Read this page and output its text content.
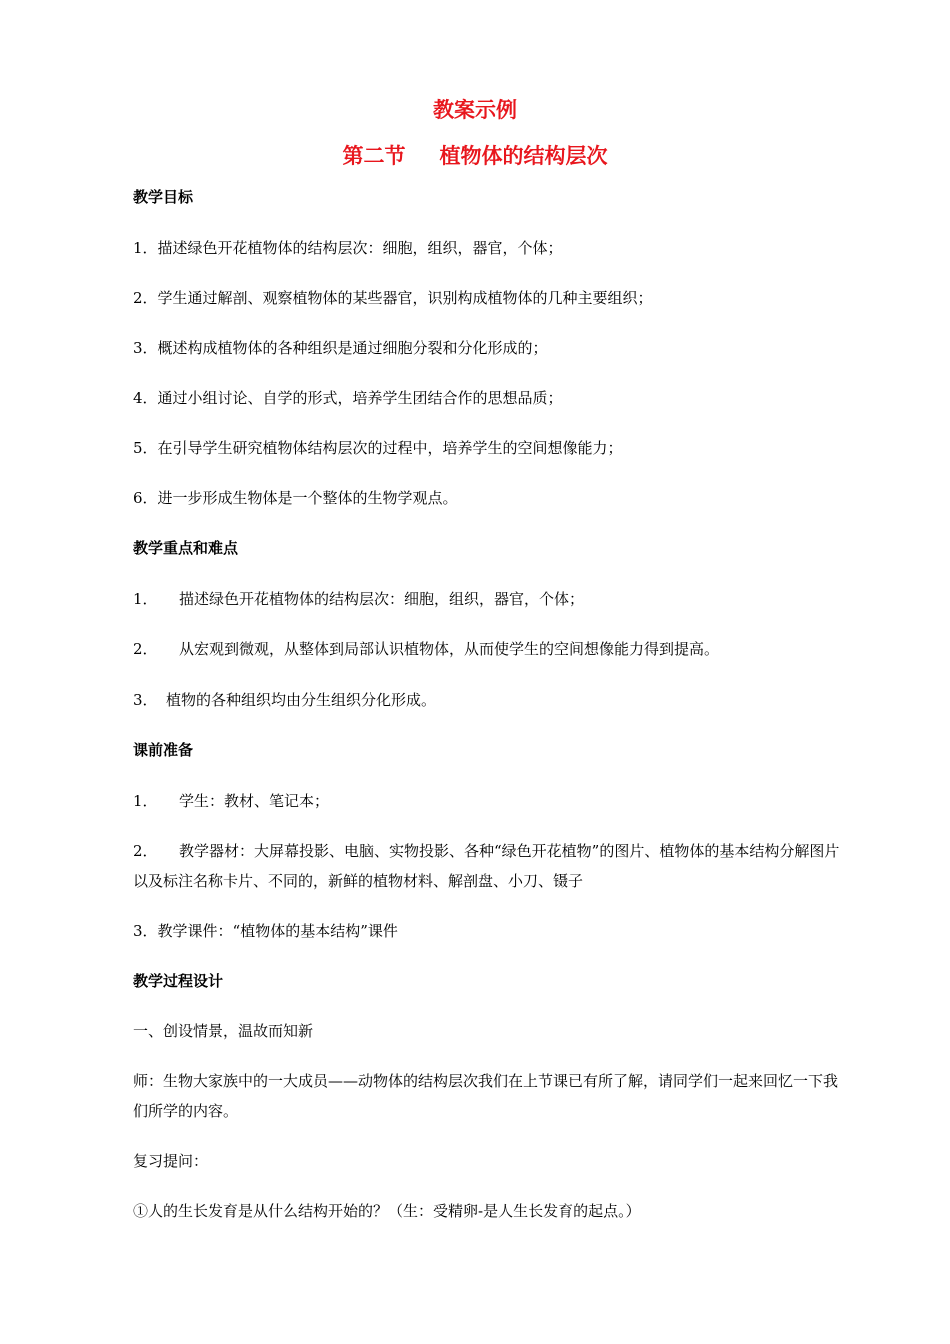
教案示例
第二节 植物体的结构层次
教学目标
1．描述绿色开花植物体的结构层次：细胞，组织，器官，个体；
2．学生通过解剖、观察植物体的某些器官，识别构成植物体的几种主要组织；
3．概述构成植物体的各种组织是通过细胞分裂和分化形成的；
4．通过小组讨论、自学的形式，培养学生团结合作的思想品质；
5．在引导学生研究植物体结构层次的过程中，培养学生的空间想像能力；
6．进一步形成生物体是一个整体的生物学观点。
教学重点和难点
1． 描述绿色开花植物体的结构层次：细胞，组织，器官，个体；
2． 从宏观到微观，从整体到局部认识植物体，从而使学生的空间想像能力得到提高。
3． 植物的各种组织均由分生组织分化形成。
课前准备
1． 学生：教材、笔记本；
2． 教学器材：大屏幕投影、电脑、实物投影、各种“绿色开花植物”的图片、植物体的基本结构分解图片以及标注名称卡片、不同的，新鲜的植物材料、解剖盘、小刀、镊子
3．教学课件：“植物体的基本结构”课件
教学过程设计
一、创设情景，温故而知新
师：生物大家族中的一大成员——动物体的结构层次我们在上节课已有所了解，请同学们一起来回忆一下我们所学的内容。
复习提问：
①人的生长发育是从什么结构开始的？（生：受精卵-是人生长发育的起点。）
